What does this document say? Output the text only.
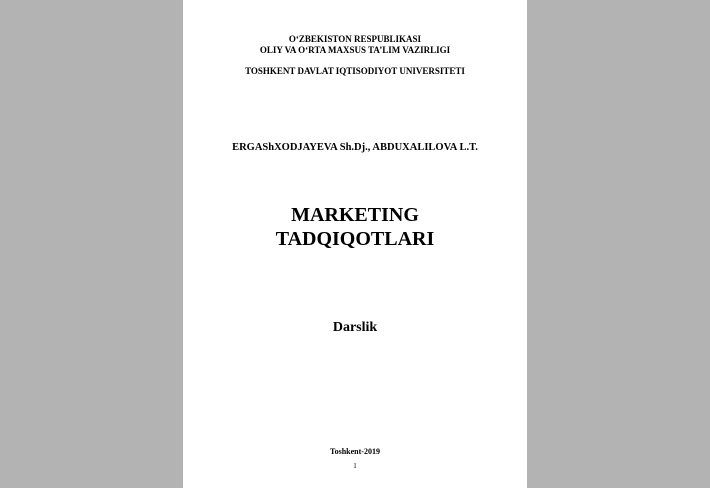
O‘ZBEKISTON RESPUBLIKASI
OLIY VA O‘RTA MAXSUS TA’LIM VAZIRLIGI
TOSHKENT DAVLAT IQTISODIYOT UNIVERSITETI
ERGAShXODJAYEVA Sh.Dj., ABDUXALILOVA L.T.
MARKETING
TADQIQOTLARI
Darslik
Toshkent-2019
1
